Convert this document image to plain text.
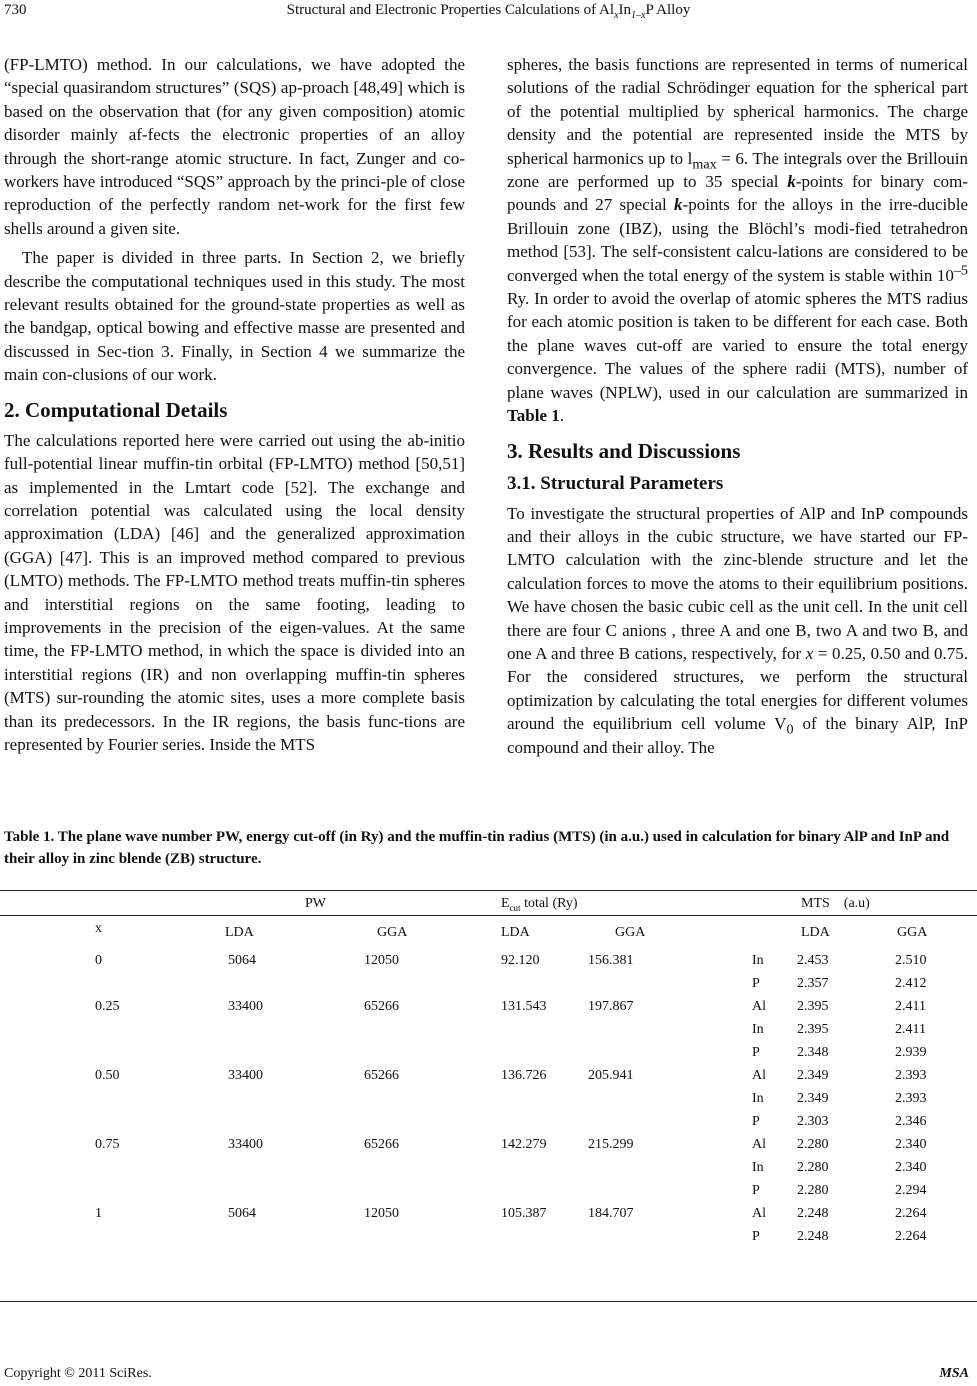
730	Structural and Electronic Properties Calculations of $Al_xIn_{1-x}P$ Alloy

(FP-LMTO) method. In our calculations, we have adopted the “special quasirandom structures” (SQS) ap-proach [48,49] which is based on the observation that (for any given composition) atomic disorder mainly af-fects the electronic properties of an alloy through the short-range atomic structure. In fact, Zunger and co-workers have introduced “SQS” approach by the princi-ple of close reproduction of the perfectly random net-work for the first few shells around a given site.

The paper is divided in three parts. In Section 2, we briefly describe the computational techniques used in this study. The most relevant results obtained for the ground-state properties as well as the bandgap, optical bowing and effective masse are presented and discussed in Sec-tion 3. Finally, in Section 4 we summarize the main con-clusions of our work.

2. Computational Details

The calculations reported here were carried out using the ab-initio full-potential linear muffin-tin orbital (FP-LMTO) method [50,51] as implemented in the Lmtart code [52]. The exchange and correlation potential was calculated using the local density approximation (LDA) [46] and the generalized approximation (GGA) [47]. This is an improved method compared to previous (LMTO) methods. The FP-LMTO method treats muffin-tin spheres and interstitial regions on the same footing, leading to improvements in the precision of the eigen-values. At the same time, the FP-LMTO method, in which the space is divided into an interstitial regions (IR) and non overlapping muffin-tin spheres (MTS) sur-rounding the atomic sites, uses a more complete basis than its predecessors. In the IR regions, the basis func-tions are represented by Fourier series. Inside the MTS

spheres, the basis functions are represented in terms of numerical solutions of the radial Schrödinger equation for the spherical part of the potential multiplied by spherical harmonics. The charge density and the potential are represented inside the MTS by spherical harmonics up to $l_{max} = 6$. The integrals over the Brillouin zone are performed up to 35 special k-points for binary com-pounds and 27 special k-points for the alloys in the irre-ducible Brillouin zone (IBZ), using the Blöchl’s modi-fied tetrahedron method [53]. The self-consistent calcu-lations are considered to be converged when the total energy of the system is stable within $10^{-5}$ Ry. In order to avoid the overlap of atomic spheres the MTS radius for each atomic position is taken to be different for each case. Both the plane waves cut-off are varied to ensure the total energy convergence. The values of the sphere radii (MTS), number of plane waves (NPLW), used in our calculation are summarized in Table 1.

3. Results and Discussions
3.1. Structural Parameters

To investigate the structural properties of AlP and InP compounds and their alloys in the cubic structure, we have started our FP-LMTO calculation with the zinc-blende structure and let the calculation forces to move the atoms to their equilibrium positions. We have chosen the basic cubic cell as the unit cell. In the unit cell there are four C anions , three A and one B, two A and two B, and one A and three B cations, respectively, for x = 0.25, 0.50 and 0.75. For the considered structures, we perform the structural optimization by calculating the total energies for different volumes around the equilibrium cell volume $V_0$ of the binary AlP, InP compound and their alloy. The

Table 1. The plane wave number PW, energy cut-off (in Ry) and the muffin-tin radius (MTS) (in a.u.) used in calculation for binary AlP and InP and their alloy in zinc blende (ZB) structure.
PW	$E_{cut}$ total (Ry)
x	LDA	GGA	LDA	GGA	LDA	GGA
0	5064	12050	92.120	156.381	In 2.453	2.510
P	2.357	2.412
0.25	33400	65266	131.543	197.867	Al 2.395	2.411
In 2.395	2.411
P	2.348	2.939
0.50	33400	65266	136.726	205.941	Al 2.349	2.393
In 2.349	2.393
P	2.303	2.346
0.75	33400	65266	142.279	215.299	Al 2.280	2.340
In 2.280	2.340
P	2.280	2.294
1	5064	12050	105.387	184.707	Al 2.248	2.264
P	2.248	2.264
MTS    (a.u)
Copyright © 2011 SciRes.	MSA
